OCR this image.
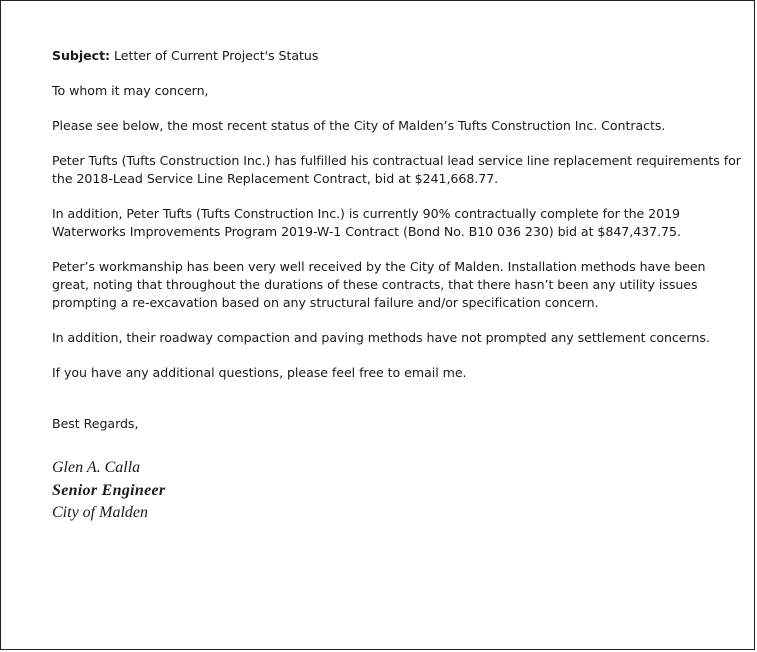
Subject: Letter of Current Project's Status

To whom it may concern,

Please see below, the most recent status of the City of Malden’s Tufts Construction Inc. Contracts.

Peter Tufts (Tufts Construction Inc.) has fulfilled his contractual lead service line replacement requirements for the 2018-Lead Service Line Replacement Contract, bid at $241,668.77.

In addition, Peter Tufts (Tufts Construction Inc.) is currently 90% contractually complete for the 2019 Waterworks Improvements Program 2019-W-1 Contract (Bond No. B10 036 230) bid at $847,437.75.

Peter’s workmanship has been very well received by the City of Malden. Installation methods have been great, noting that throughout the durations of these contracts, that there hasn’t been any utility issues prompting a re-excavation based on any structural failure and/or specification concern.

In addition, their roadway compaction and paving methods have not prompted any settlement concerns.

If you have any additional questions, please feel free to email me.

Best Regards,

Glen A. Calla
Senior Engineer
City of Malden
